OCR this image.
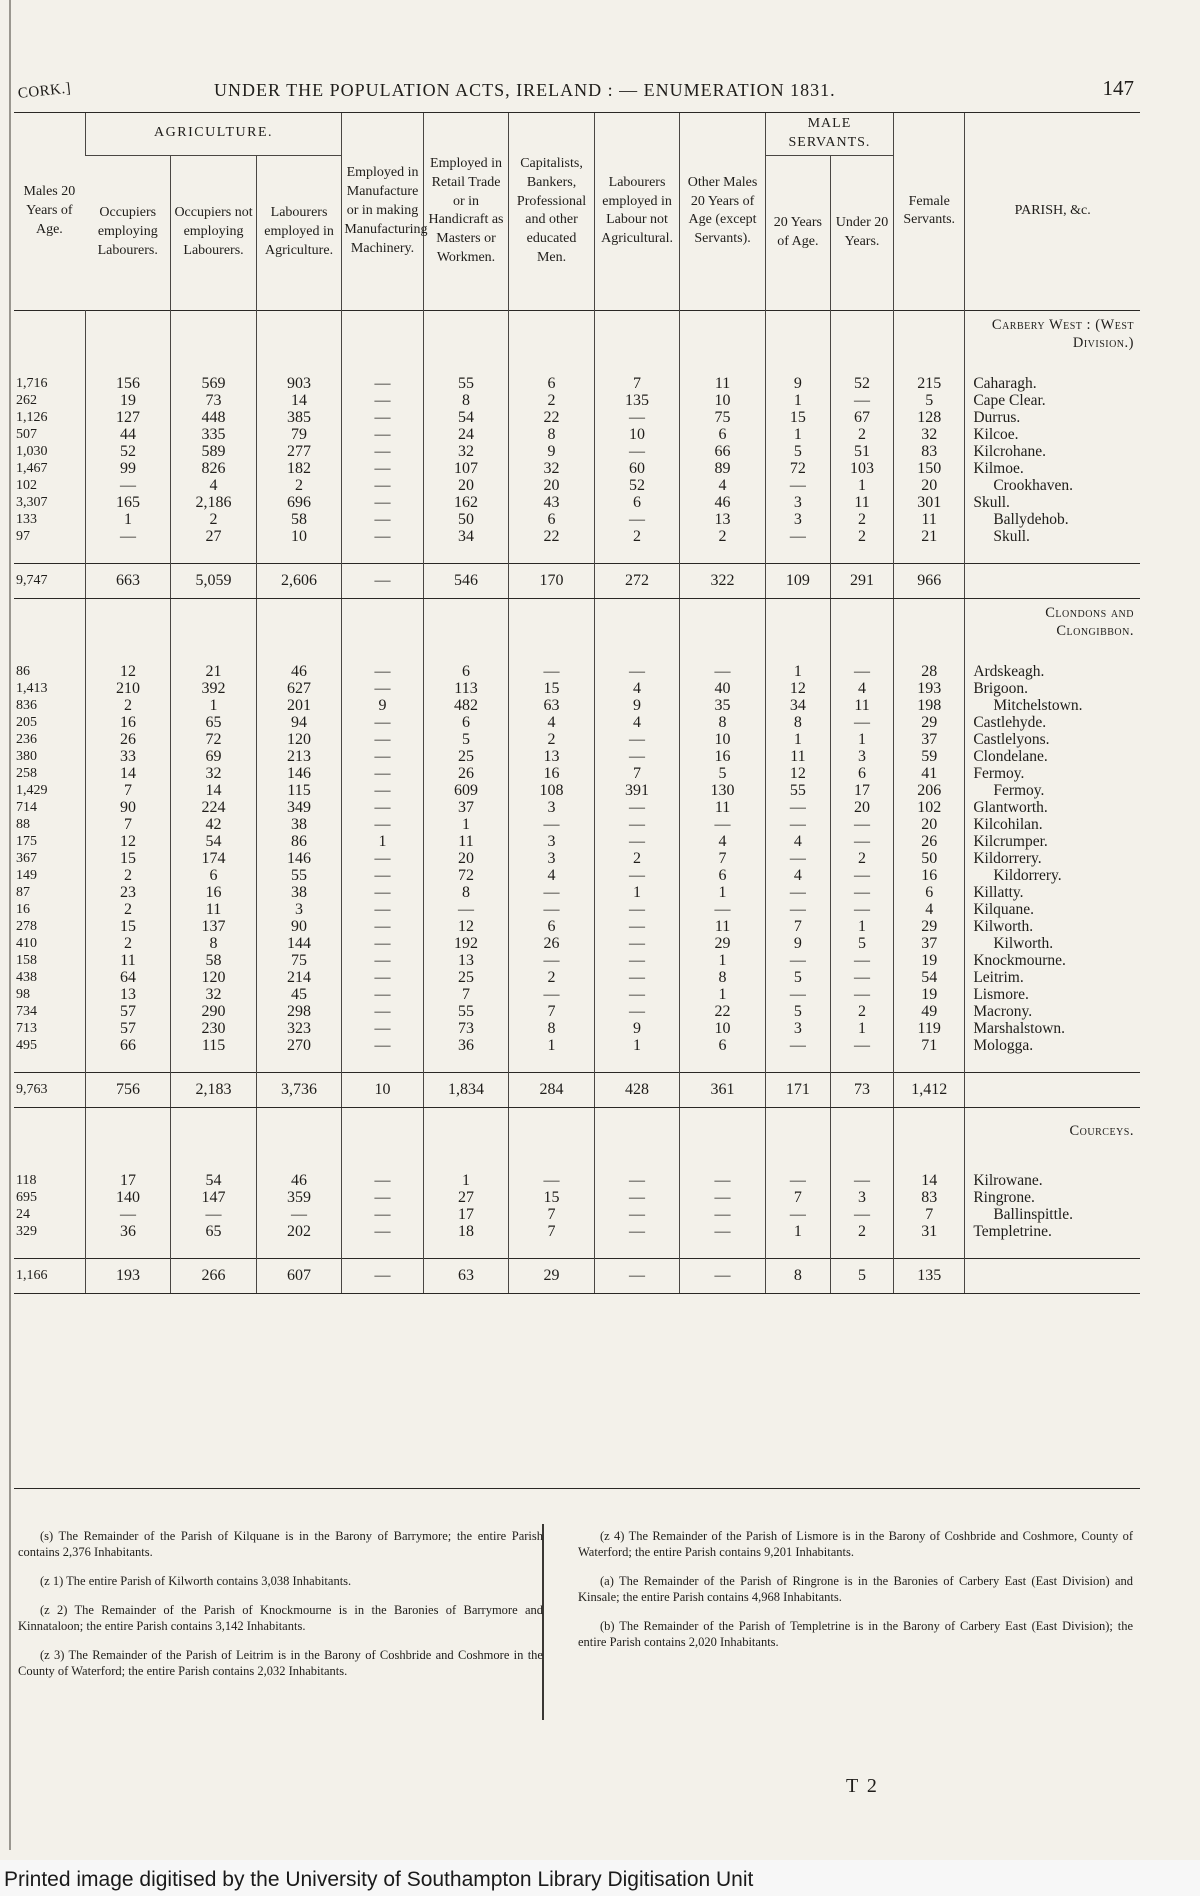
CORK.]	UNDER THE POPULATION ACTS, IRELAND : — ENUMERATION 1831.	147
Males 20 Years of Age.	AGRICULTURE.			Employed in Manufacture or in making Manufacturing Machinery.	Employed in Retail Trade or in Handicraft as Masters or Workmen.	Capitalists, Bankers, Professional and other educated Men.	Labourers employed in Labour not Agricultural.	Other Males 20 Years of Age (except Servants).	MALE SERVANTS.		Female Servants.	PARISH, &c.
	Occupiers employing Labourers.	Occupiers not employing Labourers.	Labourers employed in Agriculture.						20 Years of Age.	Under 20 Years.		
												Carbery West : (West Division.)

1,716	156	569	903	—	55	6	7	11	9	52	215	Caharagh.
262	19	73	14	—	8	2	135	10	1	—	5	Cape Clear.
1,126	127	448	385	—	54	22	—	75	15	67	128	Durrus.
507	44	335	79	—	24	8	10	6	1	2	32	Kilcoe.
1,030	52	589	277	—	32	9	—	66	5	51	83	Kilcrohane.
1,467	99	826	182	—	107	32	60	89	72	103	150	Kilmoe.
102	—	4	2	—	20	20	52	4	—	1	20	Crookhaven.
3,307	165	2,186	696	—	162	43	6	46	3	11	301	Skull.
133	1	2	58	—	50	6	—	13	3	2	11	Ballydehob.
97	—	27	10	—	34	22	2	2	—	2	21	Skull.

9,747	663	5,059	2,606	—	546	170	272	322	109	291	966	
												Clondons and Clongibbon.

86	12	21	46	—	6	—	—	—	1	—	28	Ardskeagh.
1,413	210	392	627	—	113	15	4	40	12	4	193	Brigoon.
836	2	1	201	9	482	63	9	35	34	11	198	Mitchelstown.
205	16	65	94	—	6	4	4	8	8	—	29	Castlehyde.
236	26	72	120	—	5	2	—	10	1	1	37	Castlelyons.
380	33	69	213	—	25	13	—	16	11	3	59	Clondelane.
258	14	32	146	—	26	16	7	5	12	6	41	Fermoy.
1,429	7	14	115	—	609	108	391	130	55	17	206	Fermoy.
714	90	224	349	—	37	3	—	11	—	20	102	Glantworth.
88	7	42	38	—	1	—	—	—	—	—	20	Kilcohilan.
175	12	54	86	1	11	3	—	4	4	—	26	Kilcrumper.
367	15	174	146	—	20	3	2	7	—	2	50	Kildorrery.
149	2	6	55	—	72	4	—	6	4	—	16	Kildorrery.
87	23	16	38	—	8	—	1	1	—	—	6	Killatty.
16	2	11	3	—	—	—	—	—	—	—	4	Kilquane.
278	15	137	90	—	12	6	—	11	7	1	29	Kilworth.
410	2	8	144	—	192	26	—	29	9	5	37	Kilworth.
158	11	58	75	—	13	—	—	1	—	—	19	Knockmourne.
438	64	120	214	—	25	2	—	8	5	—	54	Leitrim.
98	13	32	45	—	7	—	—	1	—	—	19	Lismore.
734	57	290	298	—	55	7	—	22	5	2	49	Macrony.
713	57	230	323	—	73	8	9	10	3	1	119	Marshalstown.
495	66	115	270	—	36	1	1	6	—	—	71	Mologga.

9,763	756	2,183	3,736	10	1,834	284	428	361	171	73	1,412	
												Courceys.

118	17	54	46	—	1	—	—	—	—	—	14	Kilrowane.
695	140	147	359	—	27	15	—	—	7	3	83	Ringrone.
24	—	—	—	—	17	7	—	—	—	—	7	Ballinspittle.
329	36	65	202	—	18	7	—	—	1	2	31	Templetrine.

1,166	193	266	607	—	63	29	—	—	8	5	135	

(s) The Remainder of the Parish of Kilquane is in the Barony of Barrymore; the entire Parish contains 2,376 Inhabitants.

(z 1) The entire Parish of Kilworth contains 3,038 Inhabitants.

(z 2) The Remainder of the Parish of Knockmourne is in the Baronies of Barrymore and Kinnataloon; the entire Parish contains 3,142 Inhabitants.

(z 3) The Remainder of the Parish of Leitrim is in the Barony of Coshbride and Coshmore in the County of Waterford; the entire Parish contains 2,032 Inhabitants.

(z 4) The Remainder of the Parish of Lismore is in the Barony of Coshbride and Coshmore, County of Waterford; the entire Parish contains 9,201 Inhabitants.

(a) The Remainder of the Parish of Ringrone is in the Baronies of Carbery East (East Division) and Kinsale; the entire Parish contains 4,968 Inhabitants.

(b) The Remainder of the Parish of Templetrine is in the Barony of Carbery East (East Division); the entire Parish contains 2,020 Inhabitants.

T 2
Printed image digitised by the University of Southampton Library Digitisation Unit
